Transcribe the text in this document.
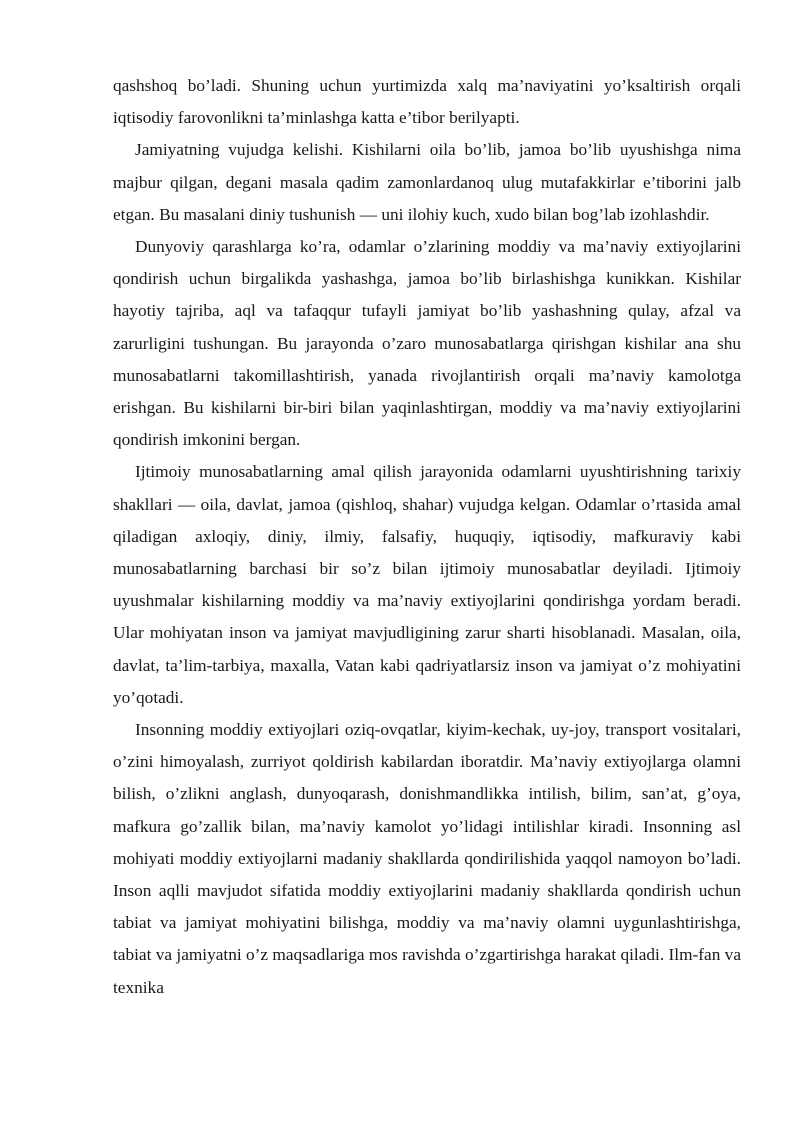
qashshoq bo’ladi. Shuning uchun yurtimizda xalq ma’naviyatini yo’ksaltirish orqali iqtisodiy farovonlikni ta’minlashga katta e’tibor berilyapti.

Jamiyatning vujudga kelishi. Kishilarni oila bo’lib, jamoa bo’lib uyushishga nima majbur qilgan, degani masala qadim zamonlardanoq ulug mutafakkirlar e’tiborini jalb etgan. Bu masalani diniy tushunish — uni ilohiy kuch, xudo bilan bog’lab izohlashdir.

Dunyoviy qarashlarga ko’ra, odamlar o’zlarining moddiy va ma’naviy extiyojlarini qondirish uchun birgalikda yashashga, jamoa bo’lib birlashishga kunikkan. Kishilar hayotiy tajriba, aql va tafaqqur tufayli jamiyat bo’lib yashashning qulay, afzal va zarurligini tushungan. Bu jarayonda o’zaro munosabatlarga qirishgan kishilar ana shu munosabatlarni takomillashtirish, yanada rivojlantirish orqali ma’naviy kamolotga erishgan. Bu kishilarni bir-biri bilan yaqinlashtirgan, moddiy va ma’naviy extiyojlarini qondirish imkonini bergan.

Ijtimoiy munosabatlarning amal qilish jarayonida odamlarni uyushtirishning tarixiy shakllari — oila, davlat, jamoa (qishloq, shahar) vujudga kelgan. Odamlar o’rtasida amal qiladigan axloqiy, diniy, ilmiy, falsafiy, huquqiy, iqtisodiy, mafkuraviy kabi munosabatlarning barchasi bir so’z bilan ijtimoiy munosabatlar deyiladi. Ijtimoiy uyushmalar kishilarning moddiy va ma’naviy extiyojlarini qondirishga yordam beradi. Ular mohiyatan inson va jamiyat mavjudligining zarur sharti hisoblanadi. Masalan, oila, davlat, ta’lim-tarbiya, maxalla, Vatan kabi qadriyatlarsiz inson va jamiyat o’z mohiyatini yo’qotadi.

Insonning moddiy extiyojlari oziq-ovqatlar, kiyim-kechak, uy-joy, transport vositalari, o’zini himoyalash, zurriyot qoldirish kabilardan iboratdir. Ma’naviy extiyojlarga olamni bilish, o’zlikni anglash, dunyoqarash, donishmandlikka intilish, bilim, san’at, g’oya, mafkura go’zallik bilan, ma’naviy kamolot yo’lidagi intilishlar kiradi. Insonning asl mohiyati moddiy extiyojlarni madaniy shakllarda qondirilishida yaqqol namoyon bo’ladi. Inson aqlli mavjudot sifatida moddiy extiyojlarini madaniy shakllarda qondirish uchun tabiat va jamiyat mohiyatini bilishga, moddiy va ma’naviy olamni uygunlashtirishga, tabiat va jamiyatni o’z maqsadlariga mos ravishda o’zgartirishga harakat qiladi. Ilm-fan va texnika
